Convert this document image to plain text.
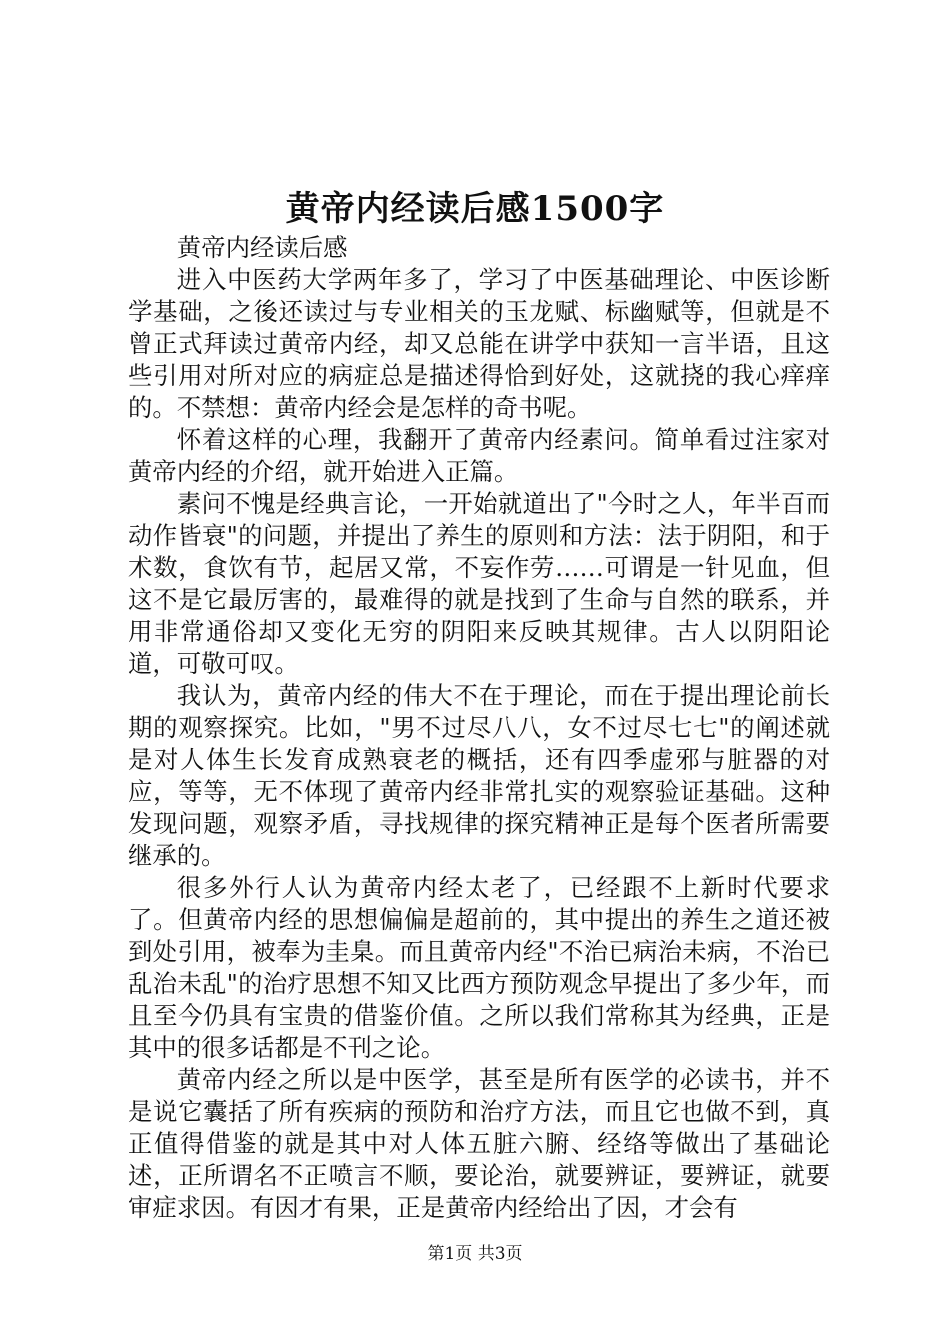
黄帝内经读后感1500字

黄帝内经读后感

进入中医药大学两年多了，学习了中医基础理论、中医诊断学基础，之後还读过与专业相关的玉龙赋、标幽赋等，但就是不曾正式拜读过黄帝内经，却又总能在讲学中获知一言半语，且这些引用对所对应的病症总是描述得恰到好处，这就挠的我心痒痒的。不禁想：黄帝内经会是怎样的奇书呢。

怀着这样的心理，我翻开了黄帝内经素问。简单看过注家对黄帝内经的介绍，就开始进入正篇。

素问不愧是经典言论，一开始就道出了"今时之人，年半百而动作皆衰"的问题，并提出了养生的原则和方法：法于阴阳，和于术数，食饮有节，起居又常，不妄作劳……可谓是一针见血，但这不是它最厉害的，最难得的就是找到了生命与自然的联系，并用非常通俗却又变化无穷的阴阳来反映其规律。古人以阴阳论道，可敬可叹。

我认为，黄帝内经的伟大不在于理论，而在于提出理论前长期的观察探究。比如，"男不过尽八八，女不过尽七七"的阐述就是对人体生长发育成熟衰老的概括，还有四季虚邪与脏器的对应，等等，无不体现了黄帝内经非常扎实的观察验证基础。这种发现问题，观察矛盾，寻找规律的探究精神正是每个医者所需要继承的。

很多外行人认为黄帝内经太老了，已经跟不上新时代要求了。但黄帝内经的思想偏偏是超前的，其中提出的养生之道还被到处引用，被奉为圭臬。而且黄帝内经"不治已病治未病，不治已乱治未乱"的治疗思想不知又比西方预防观念早提出了多少年，而且至今仍具有宝贵的借鉴价值。之所以我们常称其为经典，正是其中的很多话都是不刊之论。

黄帝内经之所以是中医学，甚至是所有医学的必读书，并不是说它囊括了所有疾病的预防和治疗方法，而且它也做不到，真正值得借鉴的就是其中对人体五脏六腑、经络等做出了基础论述，正所谓名不正喷言不顺，要论治，就要辨证，要辨证，就要审症求因。有因才有果，正是黄帝内经给出了因，才会有

第1页 共3页
